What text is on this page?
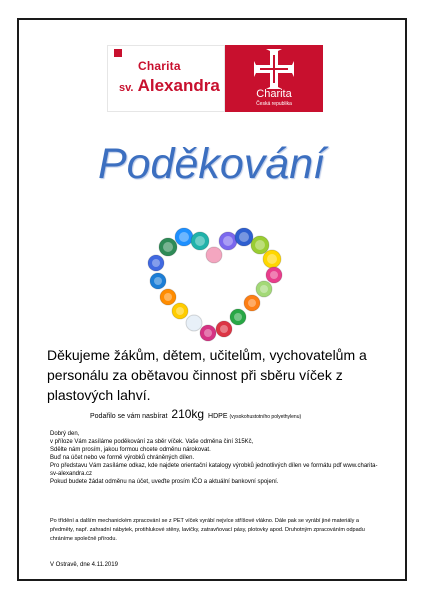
Charita
sv. Alexandra	Charita
Česká republika
Poděkování
Děkujeme žákům, dětem, učitelům, vychovatelům a personálu za obětavou činnost při sběru víček z plastových lahví.
Podařilo se vám nasbírat 210kg HDPE (vysokohustotního polyethylenu)

Dobrý den,

v příloze Vám zasíláme poděkování za sběr víček. Vaše odměna činí 315Kč,

Sdělte nám prosím, jakou formou chcete odměnu nárokovat.

Buď na účet nebo ve formě výrobků chráněných dílen.

Pro představu Vám zasíláme odkaz, kde najdete orientační katalogy výrobků jednotlivých dílen ve formátu pdf www.charita-sv-alexandra.cz

Pokud budete žádat odměnu na účet, uveďte prosím IČO a aktuální bankovní spojení.

Po třídění a dalším mechanickém zpracování se z PET víček vyrábí nejvíce stříšové vlákno. Dále pak se vyrábí jiné materiály a předměty, např. zahradní nábytek, protihlukové stěny, lavičky, zatravňovací pásy, plotovky apod. Druhotným zpracováním odpadu chráníme společně přírodu.
V Ostravě, dne 4.11.2019
